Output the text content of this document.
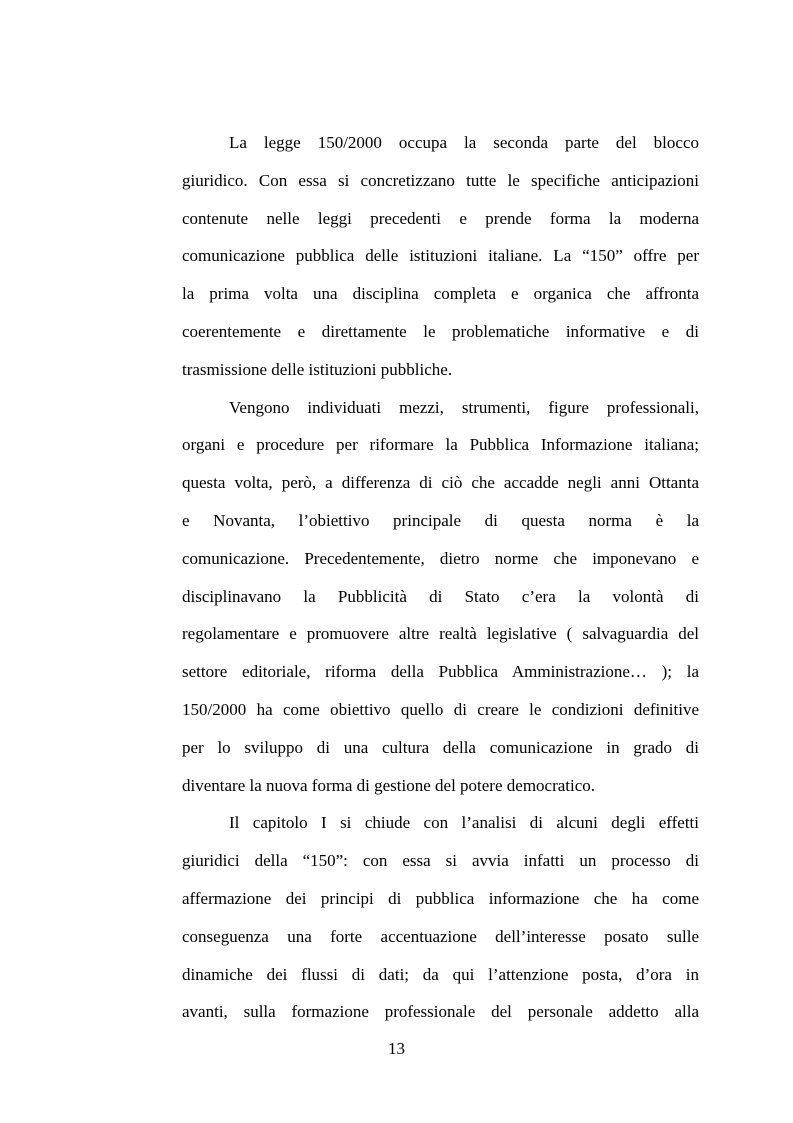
La legge 150/2000 occupa la seconda parte del blocco
giuridico. Con essa si concretizzano tutte le specifiche anticipazioni
contenute nelle leggi precedenti e prende forma la moderna
comunicazione pubblica delle istituzioni italiane. La “150” offre per
la prima volta una disciplina completa e organica che affronta
coerentemente e direttamente le problematiche informative e di
trasmissione delle istituzioni pubbliche.

Vengono individuati mezzi, strumenti, figure professionali,
organi e procedure per riformare la Pubblica Informazione italiana;
questa volta, però, a differenza di ciò che accadde negli anni Ottanta
e Novanta, l’obiettivo principale di questa norma è la
comunicazione. Precedentemente, dietro norme che imponevano e
disciplinavano la Pubblicità di Stato c’era la volontà di
regolamentare e promuovere altre realtà legislative ( salvaguardia del
settore editoriale, riforma della Pubblica Amministrazione… ); la
150/2000 ha come obiettivo quello di creare le condizioni definitive
per lo sviluppo di una cultura della comunicazione in grado di
diventare la nuova forma di gestione del potere democratico.

Il capitolo I si chiude con l’analisi di alcuni degli effetti
giuridici della “150”: con essa si avvia infatti un processo di
affermazione dei principi di pubblica informazione che ha come
conseguenza una forte accentuazione dell’interesse posato sulle
dinamiche dei flussi di dati; da qui l’attenzione posta, d’ora in
avanti, sulla formazione professionale del personale addetto alla

13
